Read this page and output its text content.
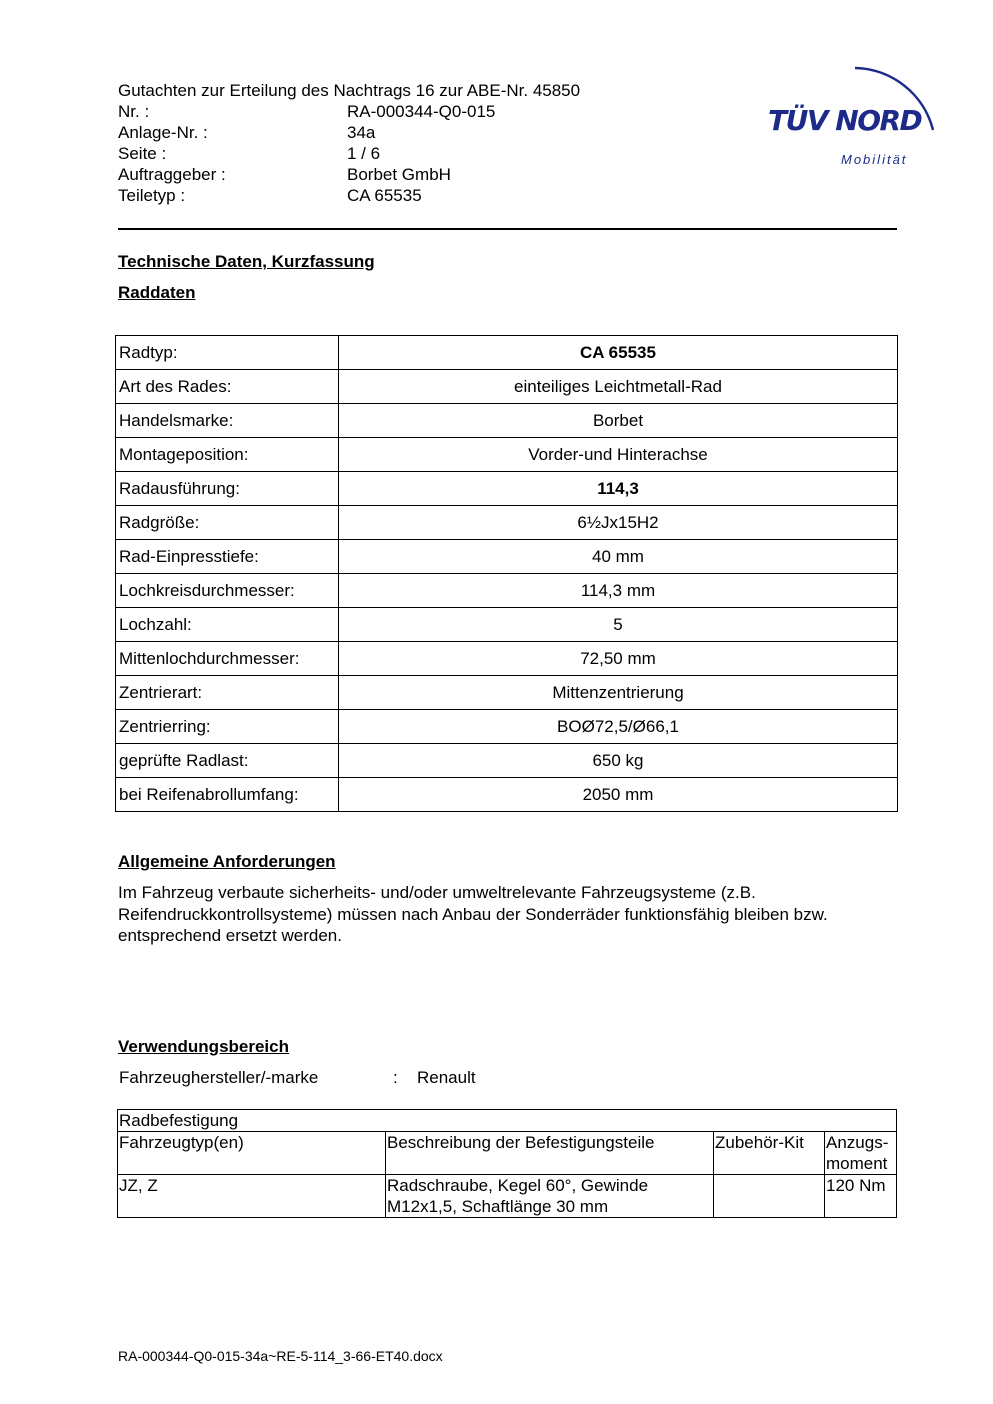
Gutachten zur Erteilung des Nachtrags 16 zur ABE-Nr. 45850
Nr. :	RA-000344-Q0-015
Anlage-Nr. :	34a
Seite :	1 / 6
Auftraggeber :	Borbet GmbH
Teiletyp :	CA 65535
TÜV NORD
Mobilität
Technische Daten, Kurzfassung
Raddaten
Radtyp:	CA 65535
Art des Rades:	einteiliges Leichtmetall-Rad
Handelsmarke:	Borbet
Montageposition:	Vorder-und Hinterachse
Radausführung:	114,3
Radgröße:	6½Jx15H2
Rad-Einpresstiefe:	40 mm
Lochkreisdurchmesser:	114,3 mm
Lochzahl:	5
Mittenlochdurchmesser:	72,50 mm
Zentrierart:	Mittenzentrierung
Zentrierring:	BOØ72,5/Ø66,1
geprüfte Radlast:	650 kg
bei Reifenabrollumfang:	2050 mm
Allgemeine Anforderungen
Im Fahrzeug verbaute sicherheits- und/oder umweltrelevante Fahrzeugsysteme (z.B.
Reifendruckkontrollsysteme) müssen nach Anbau der Sonderräder funktionsfähig bleiben bzw.
entsprechend ersetzt werden.
Verwendungsbereich
Fahrzeughersteller/-marke	: Renault
Radbefestigung			
Fahrzeugtyp(en)	Beschreibung der Befestigungsteile	Zubehör-Kit	Anzugs-
moment

JZ, Z	Radschraube, Kegel 60°, Gewinde
M12x1,5, Schaftlänge 30 mm		120 Nm
RA-000344-Q0-015-34a~RE-5-114_3-66-ET40.docx
